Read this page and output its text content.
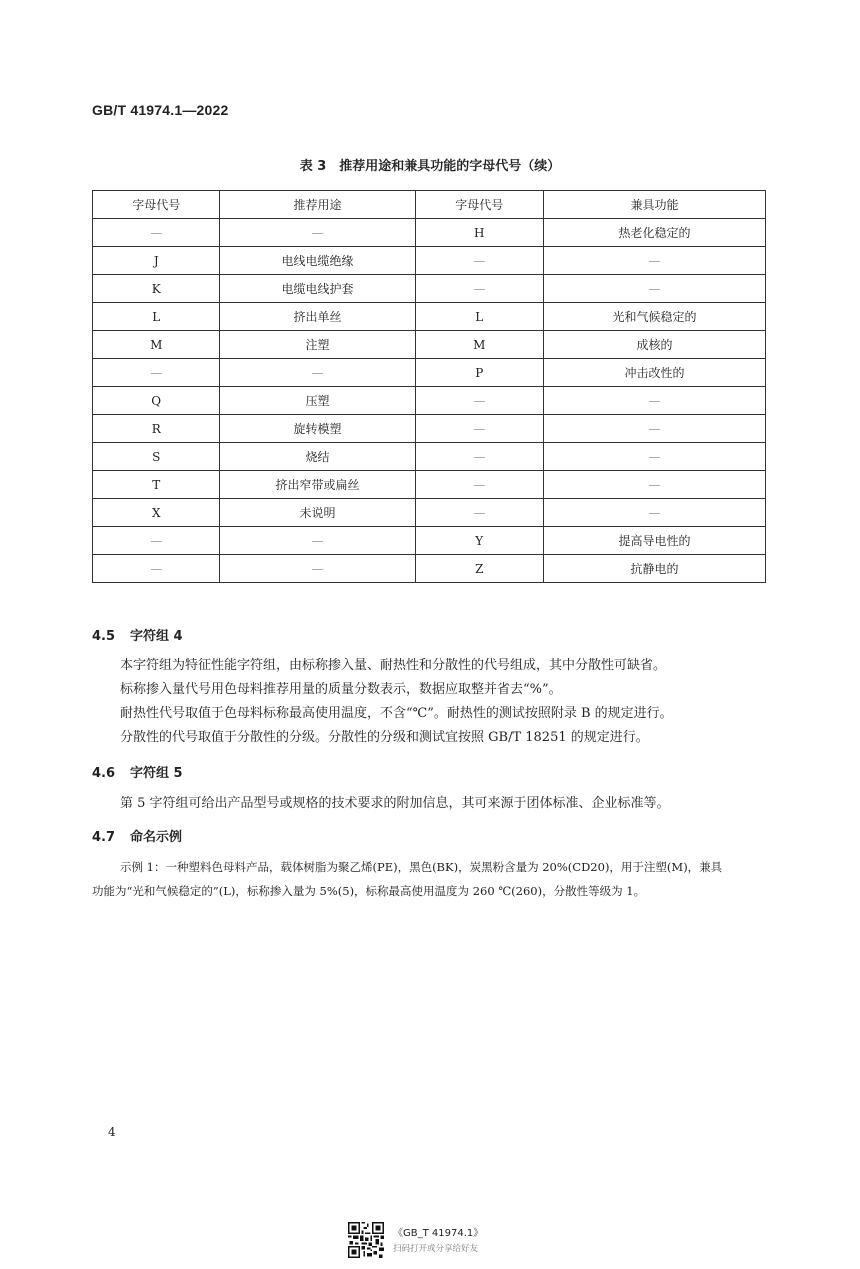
GB/T 41974.1—2022
表 3　推荐用途和兼具功能的字母代号（续）
字母代号	推荐用途	字母代号	兼具功能
—	—	H	热老化稳定的
J	电线电缆绝缘	—	—
K	电缆电线护套	—	—
L	挤出单丝	L	光和气候稳定的
M	注塑	M	成核的
—	—	P	冲击改性的
Q	压塑	—	—
R	旋转模塑	—	—
S	烧结	—	—
T	挤出窄带或扁丝	—	—
X	未说明	—	—
—	—	Y	提高导电性的
—	—	Z	抗静电的
4.5 字符组 4
本字符组为特征性能字符组，由标称掺入量、耐热性和分散性的代号组成，其中分散性可缺省。
标称掺入量代号用色母料推荐用量的质量分数表示，数据应取整并省去“%”。
耐热性代号取值于色母料标称最高使用温度，不含“℃”。耐热性的测试按照附录 B 的规定进行。
分散性的代号取值于分散性的分级。分散性的分级和测试宜按照 GB/T 18251 的规定进行。
4.6 字符组 5
第 5 字符组可给出产品型号或规格的技术要求的附加信息，其可来源于团体标准、企业标准等。
4.7 命名示例
示例 1：一种塑料色母料产品，载体树脂为聚乙烯(PE)，黑色(BK)，炭黑粉含量为 20%(CD20)，用于注塑(M)，兼具
功能为“光和气候稳定的”(L)，标称掺入量为 5%(5)，标称最高使用温度为 260 ℃(260)，分散性等级为 1。
4
《GB_T 41974.1》
扫码打开或分享给好友
